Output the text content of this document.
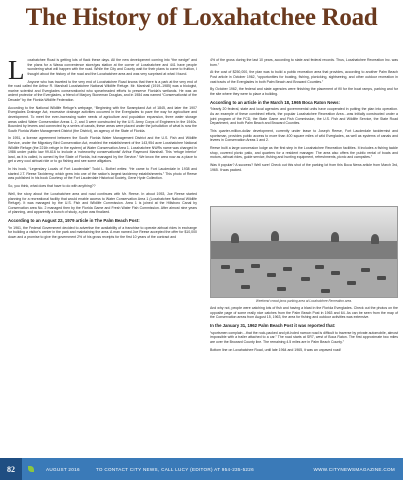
The History of Loxahatchee Road

Loxahatchee Road is getting lots of flack these days. All the new development coming into “the wedge” and the plans for a Wawa convenience store/gas station at the corner of Loxahatchee and 441 have people wondering what will happen with the road. While the City and County wait for their plans to come to fruition, I thought about the history of the road and the Loxahatchee area and was very surprised at what I found.

Anyone who has traveled to the very end of Loxahatchee Road knows that there is a park at the very end of the road called the Arthur R. Marshall Loxahatchee National Wildlife Refuge. Mr. Marshall (1919–1985) was a biologist, marine scientist and Everglades conservationist who spearheaded efforts to preserve Florida’s wetlands. He was an ardent protector of the Everglades, a friend of Marjory Stoneman Douglas, and in 1984 was named “Conservationist of the Decade” by the Florida Wildlife Federation.

According to the National Wildlife Refuge’s webpage, “Beginning with the Swampland Act of 1845, and later the 1907 Everglades Drainage Act, excessive drainage activities occurred in the Everglades to pave the way for agriculture and development. To meet the ever-increasing water needs of agriculture and population expansion, three water storage areas called Water Conservation Areas 1, 2, and 3 were constructed by the U.S. Army Corps of Engineers in the 1940s. Bounded by levees and connected by a series of canals, these areas were placed under the jurisdiction of what is now the South Florida Water Management District (the District), an agency of the State of Florida.

In 1951, a license agreement between the South Florida Water Management District and the U.S. Fish and Wildlife Service, under the Migratory Bird Conservation Act, enabled the establishment of the 143,954 acre Loxahatchee National Wildlife Refuge (the 221th refuge in the system) at Water Conservation Area 1. Loxahatchee NWRs name was changed in 1986 under public law 99-616 to include a ‘noteworthy conservationist’ Arthur Raymond Marshall. This ‘refuge interior’ land, as it is called, is owned by the State of Florida, but managed by the Service.” We know the area now as a place to get a very cool airboat ride or to go fishing and see some alligators.

In his book, “Legendary Locals of Fort Lauderdale” Todd L. Bothel writes: “He came to Fort Lauderdale in 1938 and started J.T. Reese Taxidermy, which grew into one of the nation’s largest taxidermy establishments.” This photo of Reese was published in his book Courtesy of the Fort Lauderdale Historical Society, Gene Hyde Collection.

So, you think, what does that have to do with anything??

Well, the story about the Loxahatchee area and road continues with Mr. Reese. In about 1953, Joe Reese started planning for a recreational facility that would enable access to Water Conservation Area 1 (Loxahatchee National Wildlife Refuge). It was managed by the U.S. Fish and Wildlife Commission. Area 1 is joined at the Hillsboro Canal by Conservation area No. 2 managed then by the Florida Game and Fresh Water Fish Commission. After almost nine years of planning, and apparently a bunch of study, a plan was finalized.

According to an August 22, 1979 article in The Palm Beach Post:

“In 1961, the Federal Government decided to advertise the availability of a franchise to operate airboat rides in exchange for building a visitor’s center in the park and maintaining the area. A man named Joe Reese accepted the offer for $10,000 down and a promise to give the government 2% of his gross receipts for the first 10 years of the contract and

4% of the gross during the last 10 years, according to state and federal records. Thus, Loxahatchee Recreation Inc. was born.”

At the cost of $250,000, the plan was to build a public recreation area that provides, according to another Palm Beach Post article in October 1962, “opportunities for boating, fishing, picnicking, sightseeing, and other outdoor recreation in vast tracts of the Everglades in both Palm Beach and Broward Counties.”

By October 1962, the federal and state agencies were finishing the placement of fill for the boat ramps, parking and for the site where they were to place a building.

According to an article in the March 18, 1965 Boca Raton News:

“Nearly 20 federal, state and local agencies and governmental units have cooperated in putting the plan into operation. As an example of these combined efforts, the popular Loxahatchee Recreation Area…was initially constructed under a joint program of the FCD, the State Game and Fish Commission, the U.S. Fish and Wildlife Service, the State Road Department, and both Palm Beach and Broward Counties.

This quarter-million-dollar development, currently under lease to Joseph Reese, Fort Lauderdale taxidermist and sportsman, provides public access to more than 400 square miles of wild Everglades, as well as systems of canals and levees in Conservation Areas 1 and 2.

Reese built a large concession lodge as the first step in the Loxahatchee Recreation facilities. It includes a fishing tackle shop, covered picnic patio, and quarters for a resident manager. The area also offers the public rental of boats and motors, airboat rides, guide service, fishing and hunting equipment, refreshments, picnic and campsites.”

Was it popular? A success? Well sure! Check out this shot of the parking lot from this Boca News article from March 3rd, 1965. It was packed.

Weekend crowd jams parking area at Loxahatchee Recreation area.

And why not, people were catching lots of fish and having a blast in the Florida Everglades. Check out the photos on the opposite page of some really nice catches from the Palm Beach Post in 1963 and 64. As can be seen from the map of the Conservation areas from August 15, 1963, the area for fishing and outdoor activities was extensive.

In the January 31, 1962 Palm Beach Post it was reported that:

“sportsmen complain…that the rock-packed and pit-holed narrow road is difficult to traverse by private automobile, almost impossible with a trailer attached to a car.” The road starts at SR7, west of Boca Raton. The first approximate two miles are over the Broward County line. The remaining 4.5 miles are in Palm Beach County.”

Bottom line on Loxahatchee Road, until late 1964 and 1965, it was an unpaved road!

82	AUGUST 2016	TO CONTACT CITY NEWS, CALL LUCY (EDITOR) AT 954-235-5226	WWW.CITYNEWSMAGAZINE.COM
